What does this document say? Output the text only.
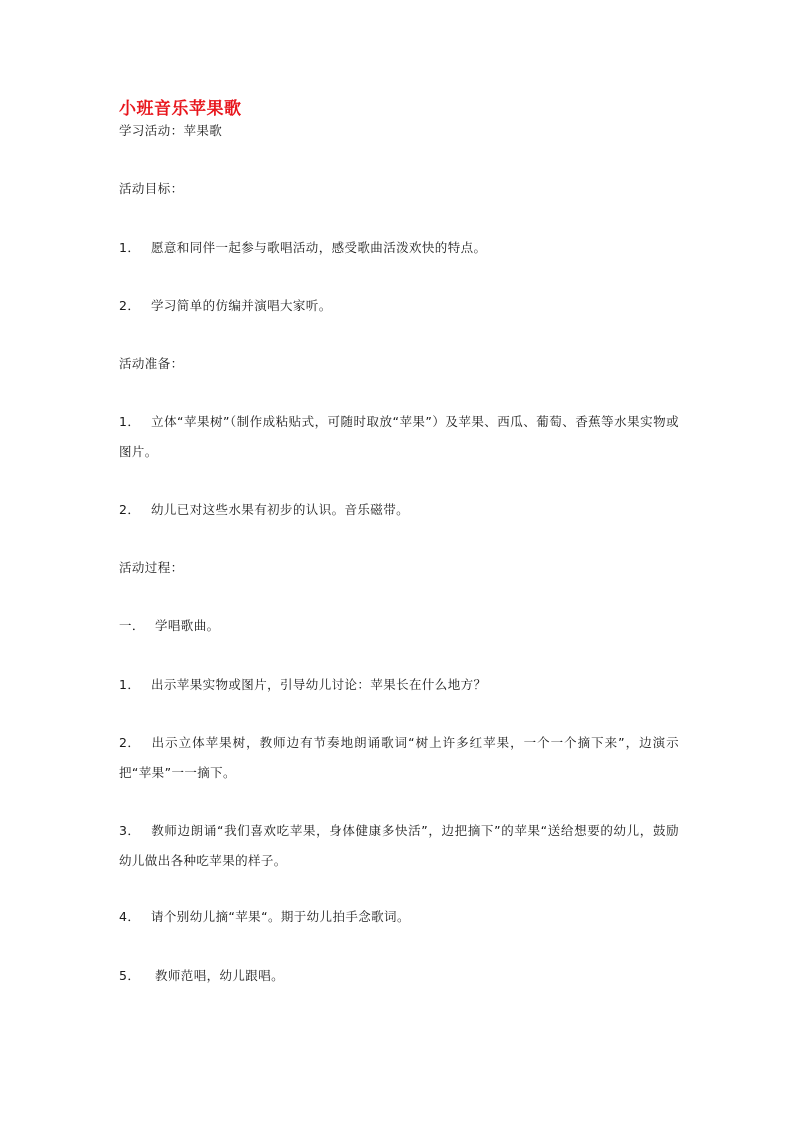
小班音乐苹果歌
学习活动：苹果歌
活动目标：
1． 愿意和同伴一起参与歌唱活动，感受歌曲活泼欢快的特点。
2． 学习简单的仿编并演唱大家听。
活动准备：
1． 立体“苹果树”（制作成粘贴式，可随时取放“苹果”）及苹果、西瓜、葡萄、香蕉等水果实物或图片。
2． 幼儿已对这些水果有初步的认识。音乐磁带。
活动过程：
一． 学唱歌曲。
1． 出示苹果实物或图片，引导幼儿讨论：苹果长在什么地方？
2． 出示立体苹果树，教师边有节奏地朗诵歌词“树上许多红苹果，一个一个摘下来”，边演示把“苹果”一一摘下。
3． 教师边朗诵“我们喜欢吃苹果，身体健康多快活”，边把摘下”的苹果“送给想要的幼儿，鼓励幼儿做出各种吃苹果的样子。
4． 请个别幼儿摘“苹果“。期于幼儿拍手念歌词。
5． 教师范唱，幼儿跟唱。
